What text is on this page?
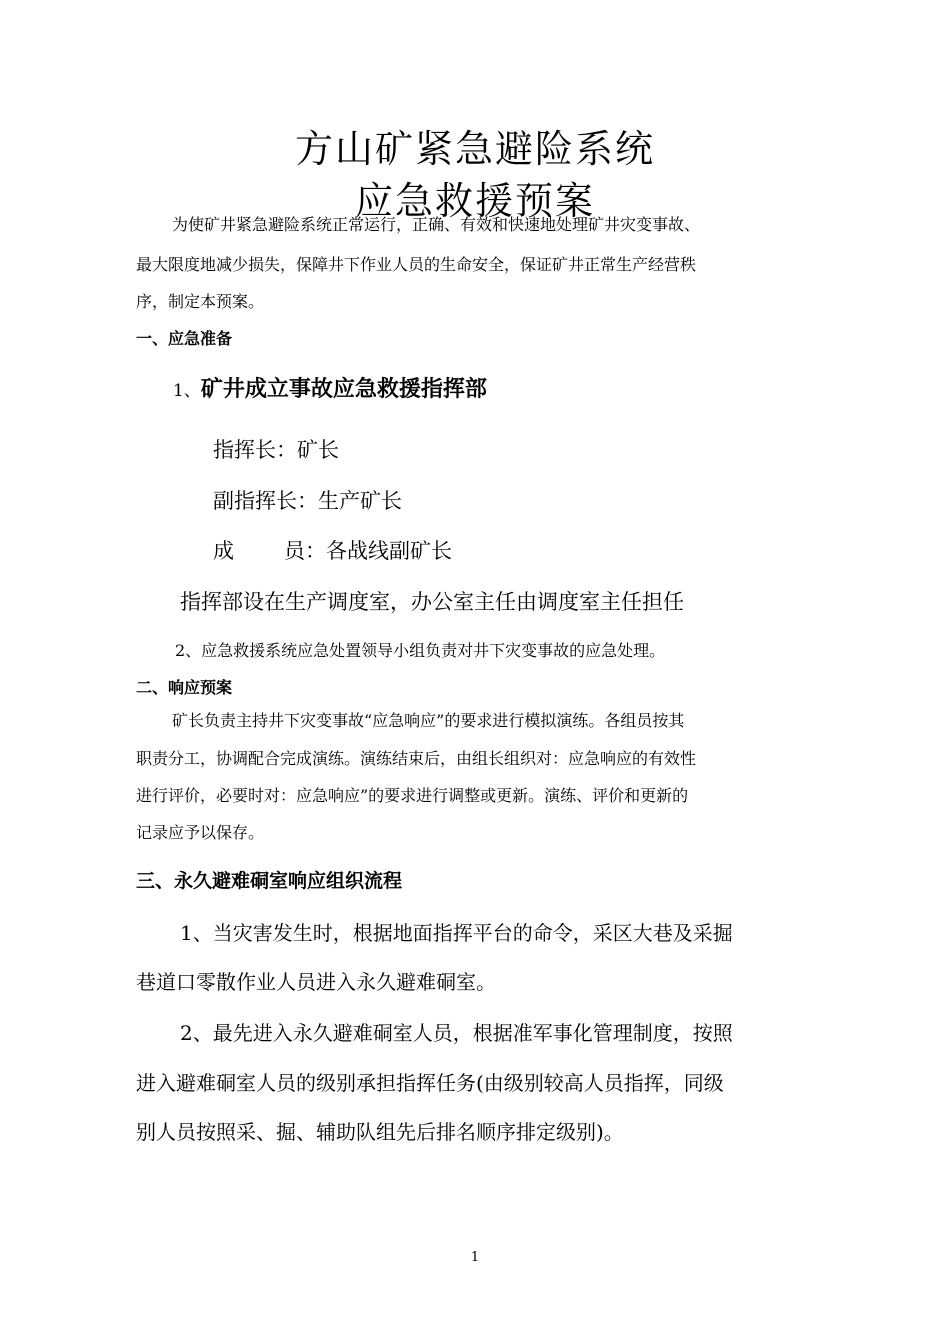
方山矿紧急避险系统
应急救援预案
为使矿井紧急避险系统正常运行，正确、有效和快速地处理矿井灾变事故、
最大限度地减少损失，保障井下作业人员的生命安全，保证矿井正常生产经营秩
序，制定本预案。
一、应急准备
1、矿井成立事故应急救援指挥部
指挥长：矿长
副指挥长：生产矿长
成 员：各战线副矿长
指挥部设在生产调度室，办公室主任由调度室主任担任
2、应急救援系统应急处置领导小组负责对井下灾变事故的应急处理。
二、响应预案
矿长负责主持井下灾变事故“应急响应”的要求进行模拟演练。各组员按其
职责分工，协调配合完成演练。演练结束后，由组长组织对：应急响应的有效性
进行评价，必要时对：应急响应”的要求进行调整或更新。演练、评价和更新的
记录应予以保存。
三、永久避难硐室响应组织流程
1、当灾害发生时，根据地面指挥平台的命令，采区大巷及采掘
巷道口零散作业人员进入永久避难硐室。
2、最先进入永久避难硐室人员，根据准军事化管理制度，按照
进入避难硐室人员的级别承担指挥任务(由级别较高人员指挥，同级
别人员按照采、掘、辅助队组先后排名顺序排定级别)。
1
